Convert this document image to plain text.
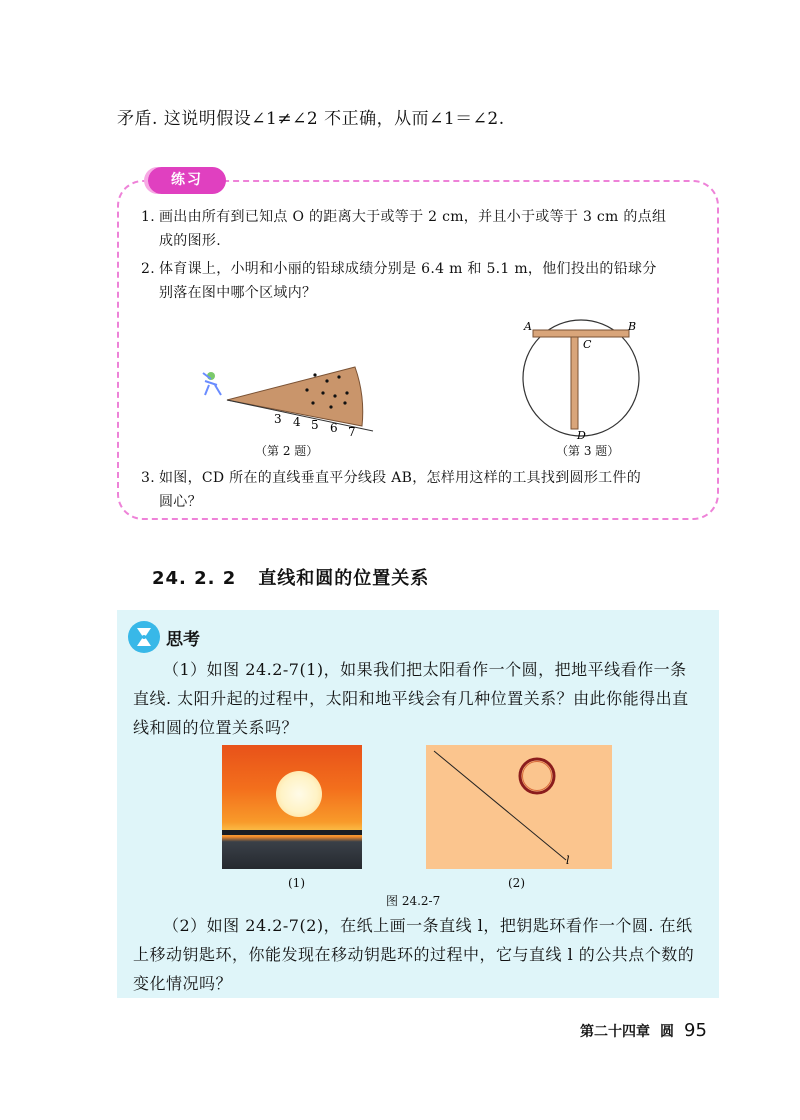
矛盾. 这说明假设∠1≠∠2 不正确，从而∠1＝∠2.
练习
1. 画出由所有到已知点 O 的距离大于或等于 2 cm，并且小于或等于 3 cm 的点组
成的图形.
2. 体育课上，小明和小丽的铅球成绩分别是 6.4 m 和 5.1 m，他们投出的铅球分
别落在图中哪个区域内？
3 4 5 6 7
（第 2 题）
A	B
C
D
（第 3 题）
3. 如图，CD 所在的直线垂直平分线段 AB，怎样用这样的工具找到圆形工件的
圆心？
24. 2. 2 直线和圆的位置关系
思考
（1）如图 24.2-7(1)，如果我们把太阳看作一个圆，把地平线看作一条直线. 太阳升起的过程中，太阳和地平线会有几种位置关系？由此你能得出直线和圆的位置关系吗？
l
(1)	(2)
图 24.2-7
（2）如图 24.2-7(2)，在纸上画一条直线 l，把钥匙环看作一个圆. 在纸上移动钥匙环，你能发现在移动钥匙环的过程中，它与直线 l 的公共点个数的变化情况吗？
第二十四章 圆 95
